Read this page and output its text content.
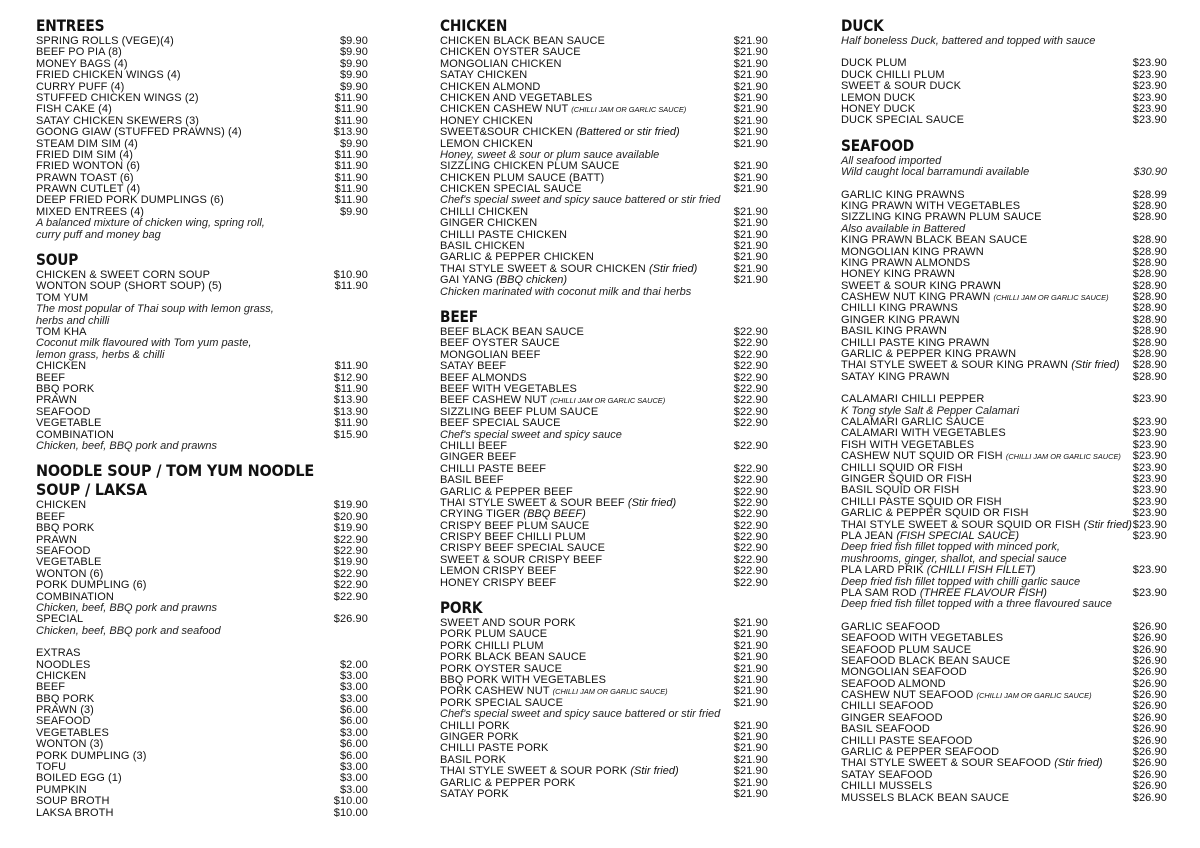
ENTREES
SPRING ROLLS (VEGE)(4)	$9.90
BEEF PO PIA (8)	$9.90
MONEY BAGS (4)	$9.90
FRIED CHICKEN WINGS (4)	$9.90
CURRY PUFF (4)	$9.90
STUFFED CHICKEN WINGS (2)	$11.90
FISH CAKE (4)	$11.90
SATAY CHICKEN SKEWERS (3)	$11.90
GOONG GIAW (STUFFED PRAWNS) (4)	$13.90
STEAM DIM SIM (4)	$9.90
FRIED DIM SIM (4)	$11.90
FRIED WONTON (6)	$11.90
PRAWN TOAST (6)	$11.90
PRAWN CUTLET (4)	$11.90
DEEP FRIED PORK DUMPLINGS (6)	$11.90
MIXED ENTREES (4)	$9.90
A balanced mixture of chicken wing, spring roll,
curry puff and money bag
SOUP
CHICKEN & SWEET CORN SOUP	$10.90
WONTON SOUP (SHORT SOUP) (5)	$11.90
TOM YUM
The most popular of Thai soup with lemon grass,
herbs and chilli
TOM KHA
Coconut milk flavoured with Tom yum paste,
lemon grass, herbs & chilli
CHICKEN	$11.90
BEEF	$12.90
BBQ PORK	$11.90
PRAWN	$13.90
SEAFOOD	$13.90
VEGETABLE	$11.90
COMBINATION	$15.90
Chicken, beef, BBQ pork and prawns
NOODLE SOUP / TOM YUM NOODLE SOUP / LAKSA
CHICKEN	$19.90
BEEF	$20.90
BBQ PORK	$19.90
PRAWN	$22.90
SEAFOOD	$22.90
VEGETABLE	$19.90
WONTON (6)	$22.90
PORK DUMPLING (6)	$22.90
COMBINATION	$22.90
Chicken, beef, BBQ pork and prawns
SPECIAL	$26.90
Chicken, beef, BBQ pork and seafood
EXTRAS
NOODLES	$2.00
CHICKEN	$3.00
BEEF	$3.00
BBQ PORK	$3.00
PRAWN (3)	$6.00
SEAFOOD	$6.00
VEGETABLES	$3.00
WONTON (3)	$6.00
PORK DUMPLING (3)	$6.00
TOFU	$3.00
BOILED EGG (1)	$3.00
PUMPKIN	$3.00
SOUP BROTH	$10.00
LAKSA BROTH	$10.00
CHICKEN
CHICKEN BLACK BEAN SAUCE	$21.90
CHICKEN OYSTER SAUCE	$21.90
MONGOLIAN CHICKEN	$21.90
SATAY CHICKEN	$21.90
CHICKEN ALMOND	$21.90
CHICKEN AND VEGETABLES	$21.90
CHICKEN CASHEW NUT (CHILLI JAM OR GARLIC SAUCE)	$21.90
HONEY CHICKEN	$21.90
SWEET&SOUR CHICKEN (Battered or stir fried)	$21.90
LEMON CHICKEN	$21.90
Honey, sweet & sour or plum sauce available
SIZZLING CHICKEN PLUM SAUCE	$21.90
CHICKEN PLUM SAUCE (BATT)	$21.90
CHICKEN SPECIAL SAUCE	$21.90
Chef's special sweet and spicy sauce battered or stir fried
CHILLI CHICKEN	$21.90
GINGER CHICKEN	$21.90
CHILLI PASTE CHICKEN	$21.90
BASIL CHICKEN	$21.90
GARLIC & PEPPER CHICKEN	$21.90
THAI STYLE SWEET & SOUR CHICKEN (Stir fried)	$21.90
GAI YANG (BBQ chicken)	$21.90
Chicken marinated with coconut milk and thai herbs
BEEF
BEEF BLACK BEAN SAUCE	$22.90
BEEF OYSTER SAUCE	$22.90
MONGOLIAN BEEF	$22.90
SATAY BEEF	$22.90
BEEF ALMONDS	$22.90
BEEF WITH VEGETABLES	$22.90
BEEF CASHEW NUT (CHILLI JAM OR GARLIC SAUCE)	$22.90
SIZZLING BEEF PLUM SAUCE	$22.90
BEEF SPECIAL SAUCE	$22.90
Chef's special sweet and spicy sauce
CHILLI BEEF	$22.90
GINGER BEEF
CHILLI PASTE BEEF	$22.90
BASIL BEEF	$22.90
GARLIC & PEPPER BEEF	$22.90
THAI STYLE SWEET & SOUR BEEF (Stir fried)	$22.90
CRYING TIGER (BBQ BEEF)	$22.90
CRISPY BEEF PLUM SAUCE	$22.90
CRISPY BEEF CHILLI PLUM	$22.90
CRISPY BEEF SPECIAL SAUCE	$22.90
SWEET & SOUR CRISPY BEEF	$22.90
LEMON CRISPY BEEF	$22.90
HONEY CRISPY BEEF	$22.90
PORK
SWEET AND SOUR PORK	$21.90
PORK PLUM SAUCE	$21.90
PORK CHILLI PLUM	$21.90
PORK BLACK BEAN SAUCE	$21.90
PORK OYSTER SAUCE	$21.90
BBQ PORK WITH VEGETABLES	$21.90
PORK CASHEW NUT (CHILLI JAM OR GARLIC SAUCE)	$21.90
PORK SPECIAL SAUCE	$21.90
Chef's special sweet and spicy sauce battered or stir fried
CHILLI PORK	$21.90
GINGER PORK	$21.90
CHILLI PASTE PORK	$21.90
BASIL PORK	$21.90
THAI STYLE SWEET & SOUR PORK (Stir fried)	$21.90
GARLIC & PEPPER PORK	$21.90
SATAY PORK	$21.90
DUCK
Half boneless Duck, battered and topped with sauce
DUCK PLUM	$23.90
DUCK CHILLI PLUM	$23.90
SWEET & SOUR DUCK	$23.90
LEMON DUCK	$23.90
HONEY DUCK	$23.90
DUCK SPECIAL SAUCE	$23.90
SEAFOOD
All seafood imported
Wild caught local barramundi available	$30.90
GARLIC KING PRAWNS	$28.99
KING PRAWN WITH VEGETABLES	$28.90
SIZZLING KING PRAWN PLUM SAUCE	$28.90
Also available in Battered
KING PRAWN BLACK BEAN SAUCE	$28.90
MONGOLIAN KING PRAWN	$28.90
KING PRAWN ALMONDS	$28.90
HONEY KING PRAWN	$28.90
SWEET & SOUR KING PRAWN	$28.90
CASHEW NUT KING PRAWN (CHILLI JAM OR GARLIC SAUCE) $28.90
CHILLI KING PRAWNS	$28.90
GINGER KING PRAWN	$28.90
BASIL KING PRAWN	$28.90
CHILLI PASTE KING PRAWN	$28.90
GARLIC & PEPPER KING PRAWN	$28.90
THAI STYLE SWEET & SOUR KING PRAWN (Stir fried) $28.90
SATAY KING PRAWN	$28.90
CALAMARI CHILLI PEPPER	$23.90
K Tong style Salt & Pepper Calamari
CALAMARI GARLIC SAUCE	$23.90
CALAMARI WITH VEGETABLES	$23.90
FISH WITH VEGETABLES	$23.90
CASHEW NUT SQUID OR FISH (CHILLI JAM OR GARLIC SAUCE) $23.90
CHILLI SQUID OR FISH	$23.90
GINGER SQUID OR FISH	$23.90
BASIL SQUID OR FISH	$23.90
CHILLI PASTE SQUID OR FISH	$23.90
GARLIC & PEPPER SQUID OR FISH	$23.90
THAI STYLE SWEET & SOUR SQUID OR FISH (Stir fried) $23.90
PLA JEAN (FISH SPECIAL SAUCE)	$23.90
Deep fried fish fillet topped with minced pork,
mushrooms, ginger, shallot, and special sauce
PLA LARD PRIK (CHILLI FISH FILLET)	$23.90
Deep fried fish fillet topped with chilli garlic sauce
PLA SAM ROD (THREE FLAVOUR FISH)	$23.90
Deep fried fish fillet topped with a three flavoured sauce
GARLIC SEAFOOD	$26.90
SEAFOOD WITH VEGETABLES	$26.90
SEAFOOD PLUM SAUCE	$26.90
SEAFOOD BLACK BEAN SAUCE	$26.90
MONGOLIAN SEAFOOD	$26.90
SEAFOOD ALMOND	$26.90
CASHEW NUT SEAFOOD (CHILLI JAM OR GARLIC SAUCE)	$26.90
CHILLI SEAFOOD	$26.90
GINGER SEAFOOD	$26.90
BASIL SEAFOOD	$26.90
CHILLI PASTE SEAFOOD	$26.90
GARLIC & PEPPER SEAFOOD	$26.90
THAI STYLE SWEET & SOUR SEAFOOD (Stir fried)	$26.90
SATAY SEAFOOD	$26.90
CHILLI MUSSELS	$26.90
MUSSELS BLACK BEAN SAUCE	$26.90
